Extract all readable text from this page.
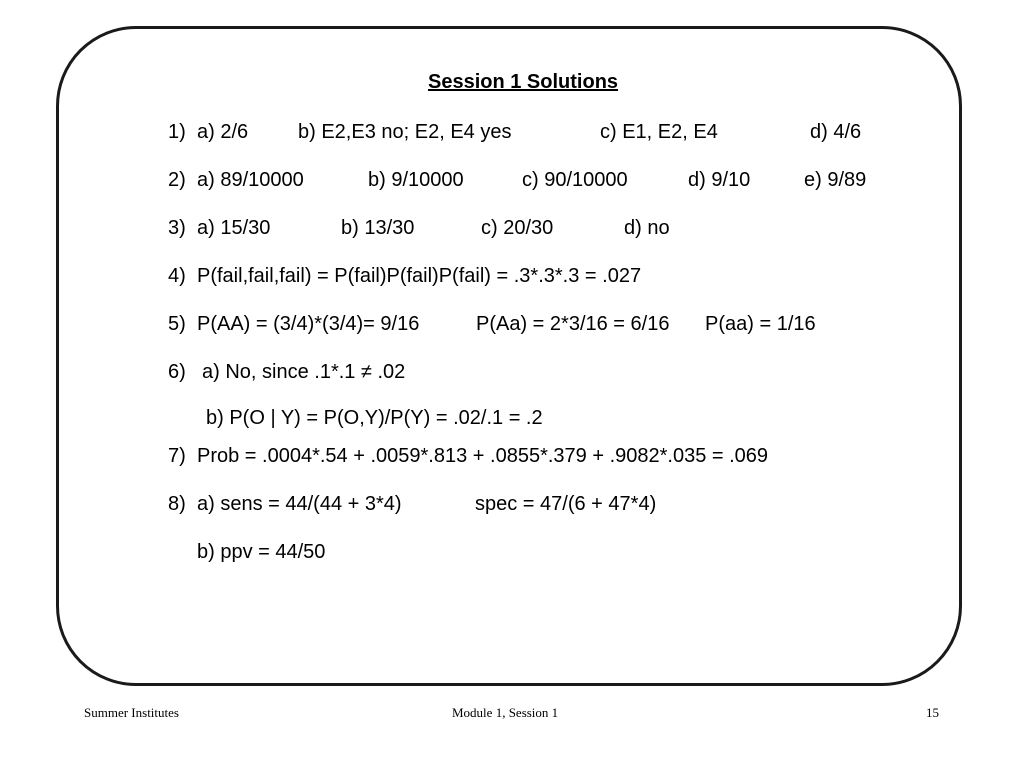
Session 1 Solutions
1) a) 2/6 b) E2,E3 no; E2, E4 yes	c) E1, E2, E4	d) 4/6
2) a) 89/10000	b) 9/10000	c) 90/10000	d) 9/10	e) 9/89
3) a) 15/30	b) 13/30	c) 20/30	d) no
4) P(fail,fail,fail) = P(fail)P(fail)P(fail) = .3*.3*.3 = .027
5) P(AA) = (3/4)*(3/4)= 9/16	P(Aa) = 2*3/16 = 6/16 P(aa) = 1/16
6) a) No, since .1*.1 ≠ .02
b) P(O | Y) = P(O,Y)/P(Y) = .02/.1 = .2
7) Prob = .0004*.54 + .0059*.813 + .0855*.379 + .9082*.035 = .069
8) a) sens = 44/(44 + 3*4)	spec = 47/(6 + 47*4)
b) ppv = 44/50
Summer Institutes	Module 1, Session 1	15
